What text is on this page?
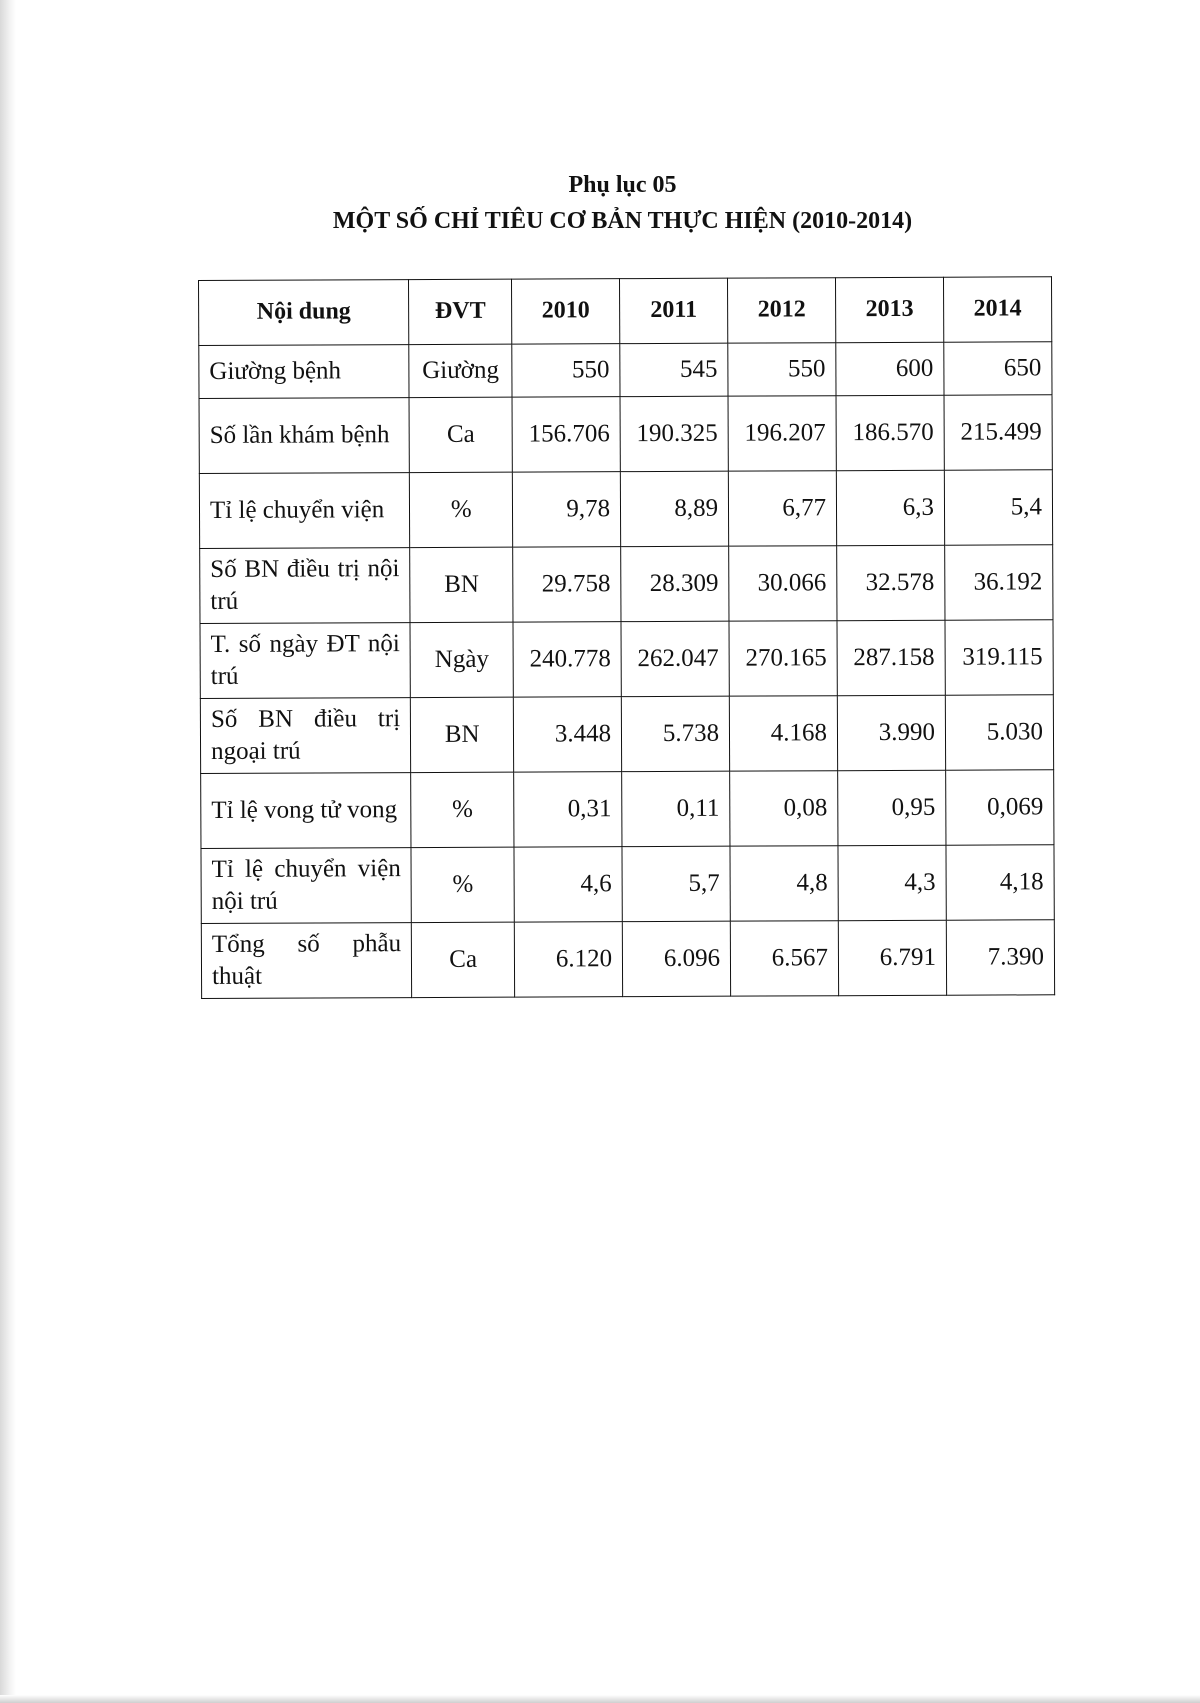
Phụ lục 05
MỘT SỐ CHỈ TIÊU CƠ BẢN THỰC HIỆN (2010-2014)
Nội dung	ĐVT	2010	2011	2012	2013	2014
Giường bệnh	Giường	550	545	550	600	650
Số lần khám bệnh	Ca	156.706	190.325	196.207	186.570	215.499
Tỉ lệ chuyển viện	%	9,78	8,89	6,77	6,3	5,4
Số BN điều trị nội trú	BN	29.758	28.309	30.066	32.578	36.192
T. số ngày ĐT nội trú	Ngày	240.778	262.047	270.165	287.158	319.115
Số BN điều trị ngoại trú	BN	3.448	5.738	4.168	3.990	5.030
Tỉ lệ vong tử vong	%	0,31	0,11	0,08	0,95	0,069
Tỉ lệ chuyển viện nội trú	%	4,6	5,7	4,8	4,3	4,18
Tổng số phẫu thuật	Ca	6.120	6.096	6.567	6.791	7.390
